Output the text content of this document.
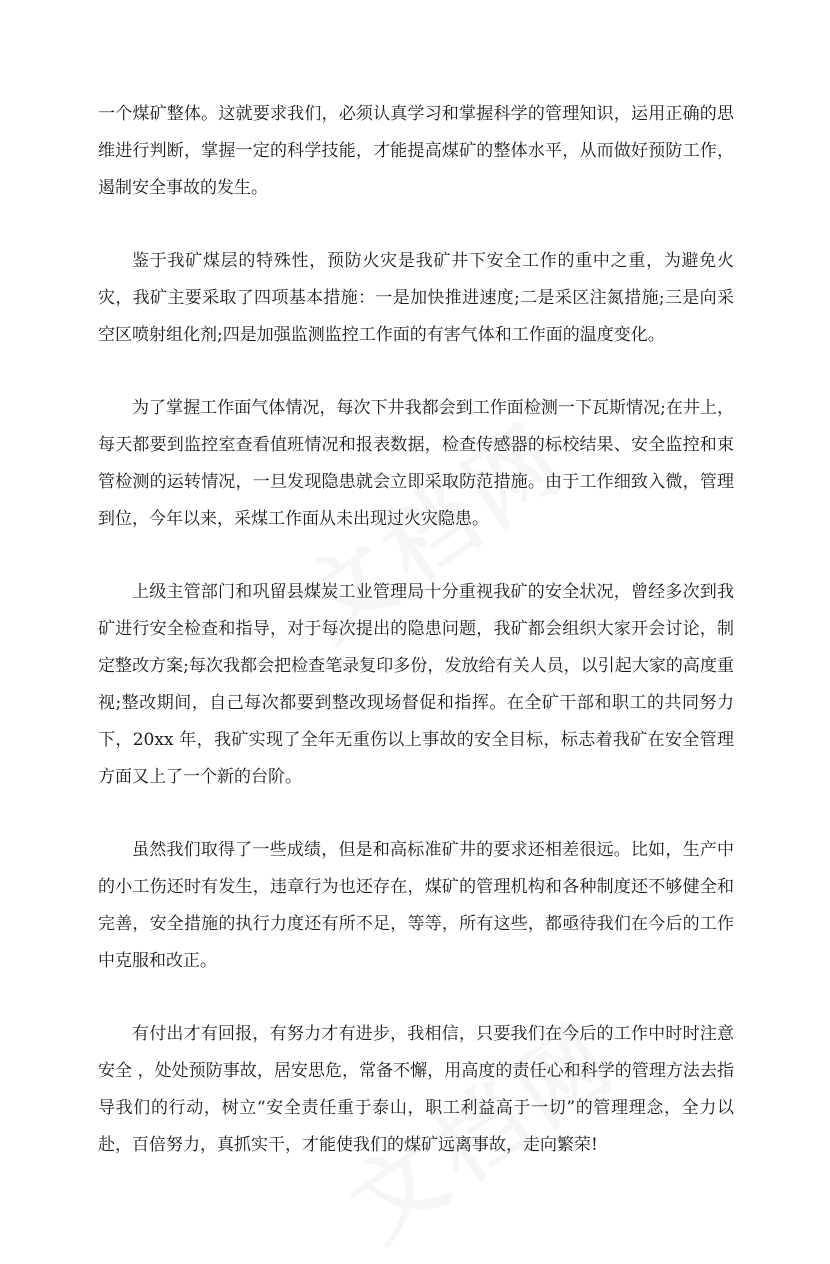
一个煤矿整体。这就要求我们，必须认真学习和掌握科学的管理知识，运用正确的思维进行判断，掌握一定的科学技能，才能提高煤矿的整体水平，从而做好预防工作，遏制安全事故的发生。

鉴于我矿煤层的特殊性，预防火灾是我矿井下安全工作的重中之重，为避免火灾，我矿主要采取了四项基本措施：一是加快推进速度;二是采区注氮措施;三是向采空区喷射组化剂;四是加强监测监控工作面的有害气体和工作面的温度变化。

为了掌握工作面气体情况，每次下井我都会到工作面检测一下瓦斯情况;在井上，每天都要到监控室查看值班情况和报表数据，检查传感器的标校结果、安全监控和束管检测的运转情况，一旦发现隐患就会立即采取防范措施。由于工作细致入微，管理到位，今年以来，采煤工作面从未出现过火灾隐患。

上级主管部门和巩留县煤炭工业管理局十分重视我矿的安全状况，曾经多次到我矿进行安全检查和指导，对于每次提出的隐患问题，我矿都会组织大家开会讨论，制定整改方案;每次我都会把检查笔录复印多份，发放给有关人员，以引起大家的高度重视;整改期间，自己每次都要到整改现场督促和指挥。在全矿干部和职工的共同努力下，20xx 年，我矿实现了全年无重伤以上事故的安全目标，标志着我矿在安全管理方面又上了一个新的台阶。

虽然我们取得了一些成绩，但是和高标准矿井的要求还相差很远。比如，生产中的小工伤还时有发生，违章行为也还存在，煤矿的管理机构和各种制度还不够健全和完善，安全措施的执行力度还有所不足，等等，所有这些，都亟待我们在今后的工作中克服和改正。

有付出才有回报，有努力才有进步，我相信，只要我们在今后的工作中时时注意安全 ，处处预防事故，居安思危，常备不懈，用高度的责任心和科学的管理方法去指导我们的行动，树立“安全责任重于泰山，职工利益高于一切”的管理理念，全力以赴，百倍努力，真抓实干，才能使我们的煤矿远离事故，走向繁荣!
